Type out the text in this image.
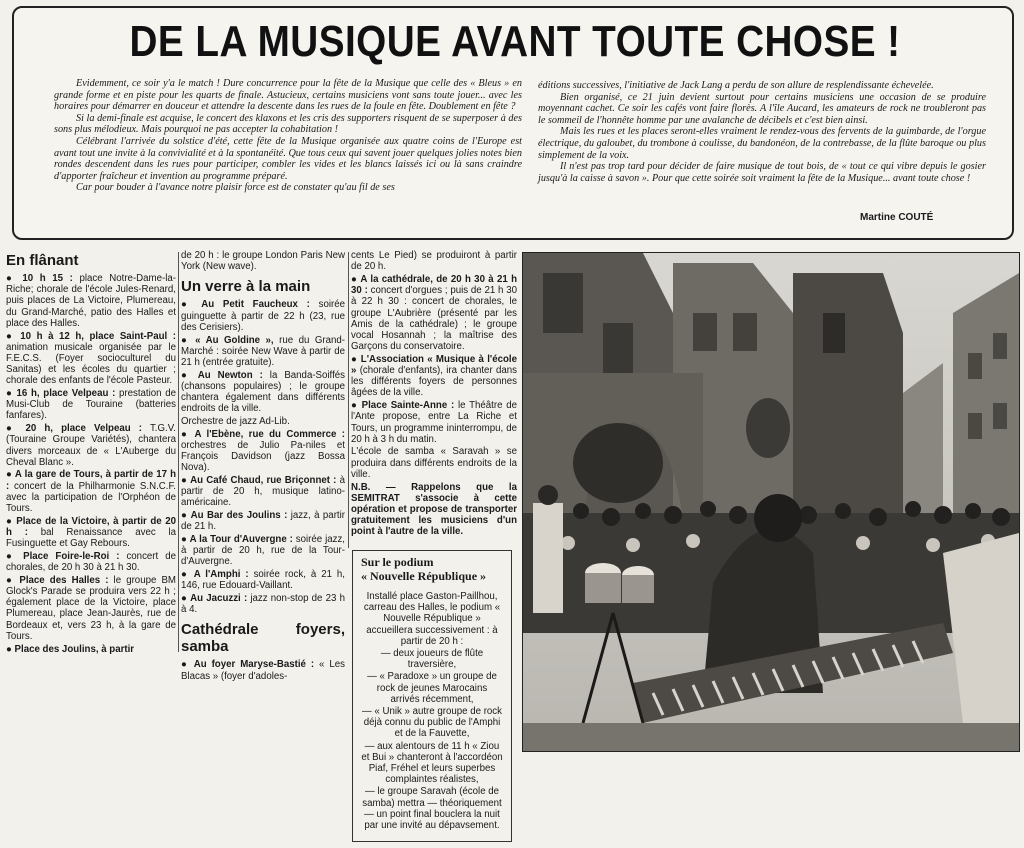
DE LA MUSIQUE AVANT TOUTE CHOSE !

Evidemment, ce soir y'a le match ! Dure concurrence pour la fête de la Musique que celle des « Bleus » en grande forme et en piste pour les quarts de finale. Astucieux, certains musiciens vont sans toute jouer... avec les horaires pour démarrer en douceur et attendre la descente dans les rues de la foule en fête. Doublement en fête ?

Si la demi-finale est acquise, le concert des klaxons et les cris des supporters risquent de se superposer à des sons plus mélodieux. Mais pourquoi ne pas accepter la cohabitation !

Célébrant l'arrivée du solstice d'été, cette fête de la Musique organisée aux quatre coins de l'Europe est avant tout une invite à la convivialité et à la spontanéité. Que tous ceux qui savent jouer quelques jolies notes bien rondes descendent dans les rues pour participer, combler les vides et les blancs laissés ici ou là sans craindre d'apporter fraîcheur et invention au programme préparé.

Car pour bouder à l'avance notre plaisir force est de constater qu'au fil de ses

éditions successives, l'initiative de Jack Lang a perdu de son allure de resplendissante échevelée.

Bien organisé, ce 21 juin devient surtout pour certains musiciens une occasion de se produire moyennant cachet. Ce soir les cafés vont faire florès. A l'île Aucard, les amateurs de rock ne troubleront pas le sommeil de l'honnête homme par une avalanche de décibels et c'est bien ainsi.

Mais les rues et les places seront-elles vraiment le rendez-vous des fervents de la guimbarde, de l'orgue électrique, du galoubet, du trombone à coulisse, du bandonéon, de la contrebasse, de la flûte baroque ou plus simplement de la voix.

Il n'est pas trop tard pour décider de faire musique de tout bois, de « tout ce qui vibre depuis le gosier jusqu'à la caisse à savon ». Pour que cette soirée soit vraiment la fête de la Musique... avant toute chose !

Martine COUTÉ
En flânant

● 10 h 15 : place Notre-Dame-la-Riche; chorale de l'école Jules-Renard, puis places de La Victoire, Plumereau, du Grand-Marché, patio des Halles et place des Halles.

● 10 h à 12 h, place Saint-Paul : animation musicale organisée par le F.E.C.S. (Foyer socioculturel du Sanitas) et les écoles du quartier ; chorale des enfants de l'école Pasteur.

● 16 h, place Velpeau : prestation de Musi-Club de Touraine (batteries fanfares).

● 20 h, place Velpeau : T.G.V. (Touraine Groupe Variétés), chantera divers morceaux de « L'Auberge du Cheval Blanc ».

● A la gare de Tours, à partir de 17 h : concert de la Philharmonie S.N.C.F. avec la participation de l'Orphéon de Tours.

● Place de la Victoire, à partir de 20 h : bal Renaissance avec la Fusinguette et Gay Rebours.

● Place Foire-le-Roi : concert de chorales, de 20 h 30 à 21 h 30.

● Place des Halles : le groupe BM Glock's Parade se produira vers 22 h ; également place de la Victoire, place Plumereau, place Jean-Jaurès, rue de Bordeaux et, vers 23 h, à la gare de Tours.

● Place des Joulins, à partir

de 20 h : le groupe London Paris New York (New wave).

Un verre à la main

● Au Petit Faucheux : soirée guinguette à partir de 22 h (23, rue des Cerisiers).

● « Au Goldine », rue du Grand-Marché : soirée New Wave à partir de 21 h (entrée gratuite).

● Au Newton : la Banda-Soiffés (chansons populaires) ; le groupe chantera également dans différents endroits de la ville.

Orchestre de jazz Ad-Lib.

● A l'Ebène, rue du Commerce : orchestres de Julio Pa-niles et François Davidson (jazz Bossa Nova).

● Au Café Chaud, rue Briçonnet : à partir de 20 h, musique latino-américaine.

● Au Bar des Joulins : jazz, à partir de 21 h.

● A la Tour d'Auvergne : soirée jazz, à partir de 20 h, rue de la Tour-d'Auvergne.

● A l'Amphi : soirée rock, à 21 h, 146, rue Edouard-Vaillant.

● Au Jacuzzi : jazz non-stop de 23 h à 4.

Cathédrale foyers, samba

● Au foyer Maryse-Bastié : « Les Blacas » (foyer d'adoles-

cents Le Pied) se produiront à partir de 20 h.

● A la cathédrale, de 20 h 30 à 21 h 30 : concert d'orgues ; puis de 21 h 30 à 22 h 30 : concert de chorales, le groupe L'Aubrière (présenté par les Amis de la cathédrale) ; le groupe vocal Hosannah ; la maîtrise des Garçons du conservatoire.

● L'Association « Musique à l'école » (chorale d'enfants), ira chanter dans les différents foyers de personnes âgées de la ville.

● Place Sainte-Anne : le Théâtre de l'Ante propose, entre La Riche et Tours, un programme ininterrompu, de 20 h à 3 h du matin.

L'école de samba « Saravah » se produira dans différents endroits de la ville.

N.B. — Rappelons que la SEMITRAT s'associe à cette opération et propose de transporter gratuitement les musiciens d'un point à l'autre de la ville.

Sur le podium
« Nouvelle République »

Installé place Gaston-Paillhou, carreau des Halles, le podium « Nouvelle République » accueillera successivement : à partir de 20 h :

— deux joueurs de flûte traversière,

— « Paradoxe » un groupe de rock de jeunes Marocains arrivés récemment,

— « Unik » autre groupe de rock déjà connu du public de l'Amphi et de la Fauvette,

— aux alentours de 11 h « Ziou et Bui » chanteront à l'accordéon Piaf, Fréhel et leurs superbes complaintes réalistes,

— le groupe Saravah (école de samba) mettra — théoriquement — un point final bouclera la nuit par une invité au dépavsement.
